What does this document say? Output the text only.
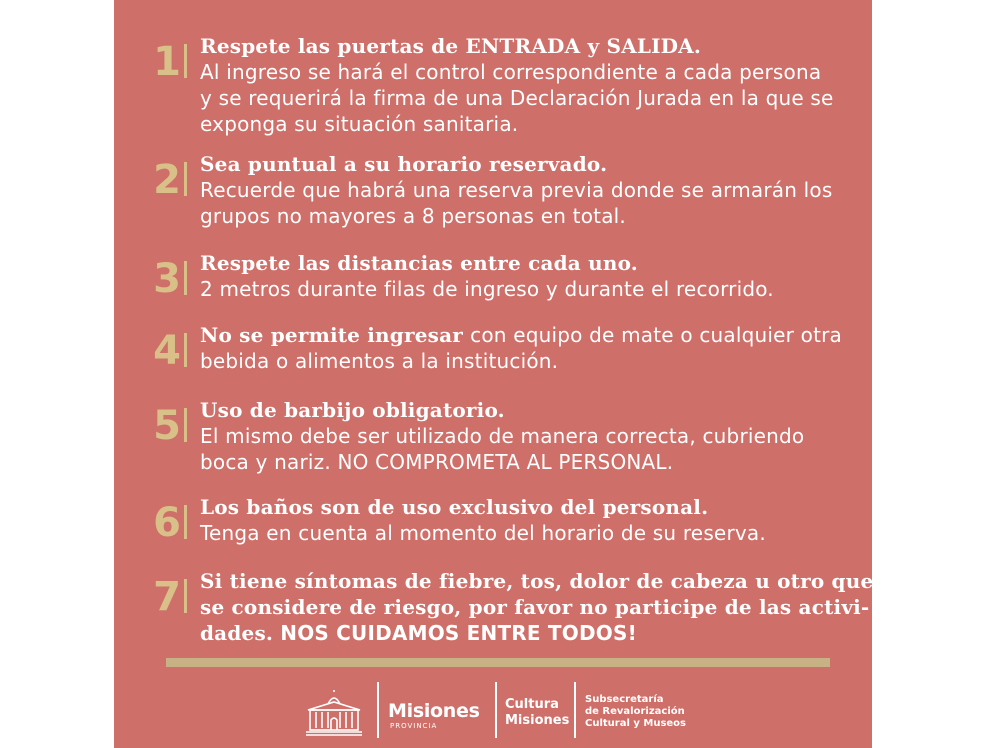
1 Respete las puertas de ENTRADA y SALIDA.
Al ingreso se hará el control correspondiente a cada persona
y se requerirá la firma de una Declaración Jurada en la que se
exponga su situación sanitaria.
2 Sea puntual a su horario reservado.
Recuerde que habrá una reserva previa donde se armarán los
grupos no mayores a 8 personas en total.
3 Respete las distancias entre cada uno.
2 metros durante filas de ingreso y durante el recorrido.
4 No se permite ingresar con equipo de mate o cualquier otra
bebida o alimentos a la institución.
5 Uso de barbijo obligatorio.
El mismo debe ser utilizado de manera correcta, cubriendo
boca y nariz. NO COMPROMETA AL PERSONAL.
6 Los baños son de uso exclusivo del personal.
Tenga en cuenta al momento del horario de su reserva.
7 Si tiene síntomas de fiebre, tos, dolor de cabeza u otro que
se considere de riesgo, por favor no participe de las activi-
dades. NOS CUIDAMOS ENTRE TODOS!
Misiones
PROVINCIA
Cultura
Misiones
Subsecretaría
de Revalorización
Cultural y Museos
